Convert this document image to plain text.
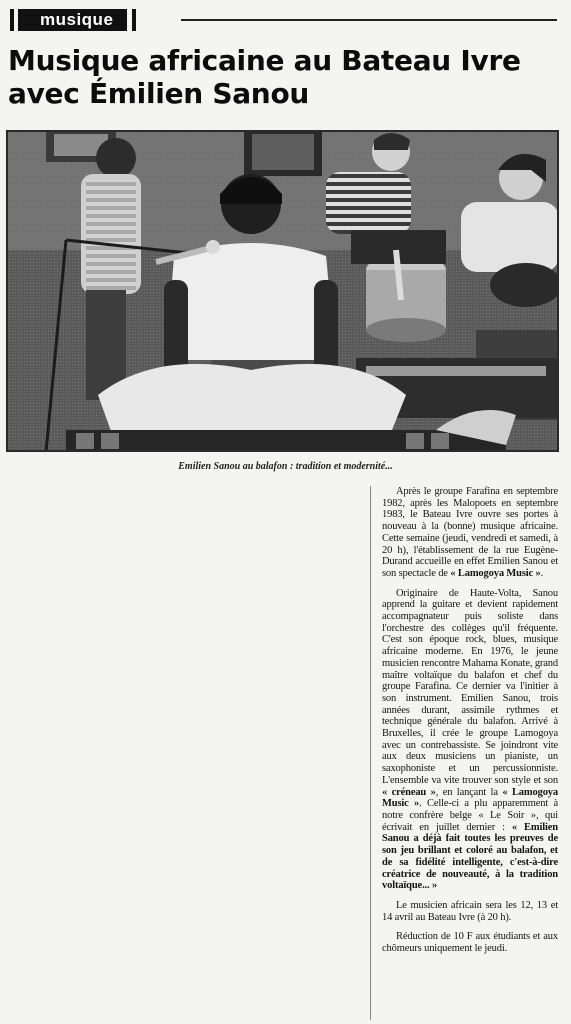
musique
Musique africaine au Bateau Ivre
avec Émilien Sanou
Emilien Sanou au balafon : tradition et modernité...

Après le groupe Farafina en septembre 1982, après les Malopoets en septembre 1983, le Bateau Ivre ouvre ses portes à nouveau à la (bonne) musique africaine. Cette semaine (jeudi, vendredi et samedi, à 20 h), l'établissement de la rue Eugène-Durand accueille en effet Emilien Sanou et son spectacle de « Lamogoya Music ».

Originaire de Haute-Volta, Sanou apprend la guitare et devient rapidement accompagnateur puis soliste dans l'orchestre des collèges qu'il fréquente. C'est son époque rock, blues, musique africaine moderne. En 1976, le jeune musicien rencontre Mahama Konate, grand maître voltaïque du balafon et chef du groupe Farafina. Ce dernier va l'initier à son instrument. Emilien Sanou, trois années durant, assimile rythmes et technique générale du balafon. Arrivé à Bruxelles, il crée le groupe Lamogoya avec un contrebassiste. Se joindront vite aux deux musiciens un pianiste, un saxophoniste et un percussionniste. L'ensemble va vite trouver son style et son « créneau », en lançant la « Lamogoya Music ». Celle-ci a plu apparemment à notre confrère belge « Le Soir », qui écrivait en juillet dernier : « Emilien Sanou a déjà fait toutes les preuves de son jeu brillant et coloré au balafon, et de sa fidélité intelligente, c'est-à-dire créatrice de nouveauté, à la tradition voltaïque... »

Le musicien africain sera les 12, 13 et 14 avril au Bateau Ivre (à 20 h).

Réduction de 10 F aux étudiants et aux chômeurs uniquement le jeudi.
